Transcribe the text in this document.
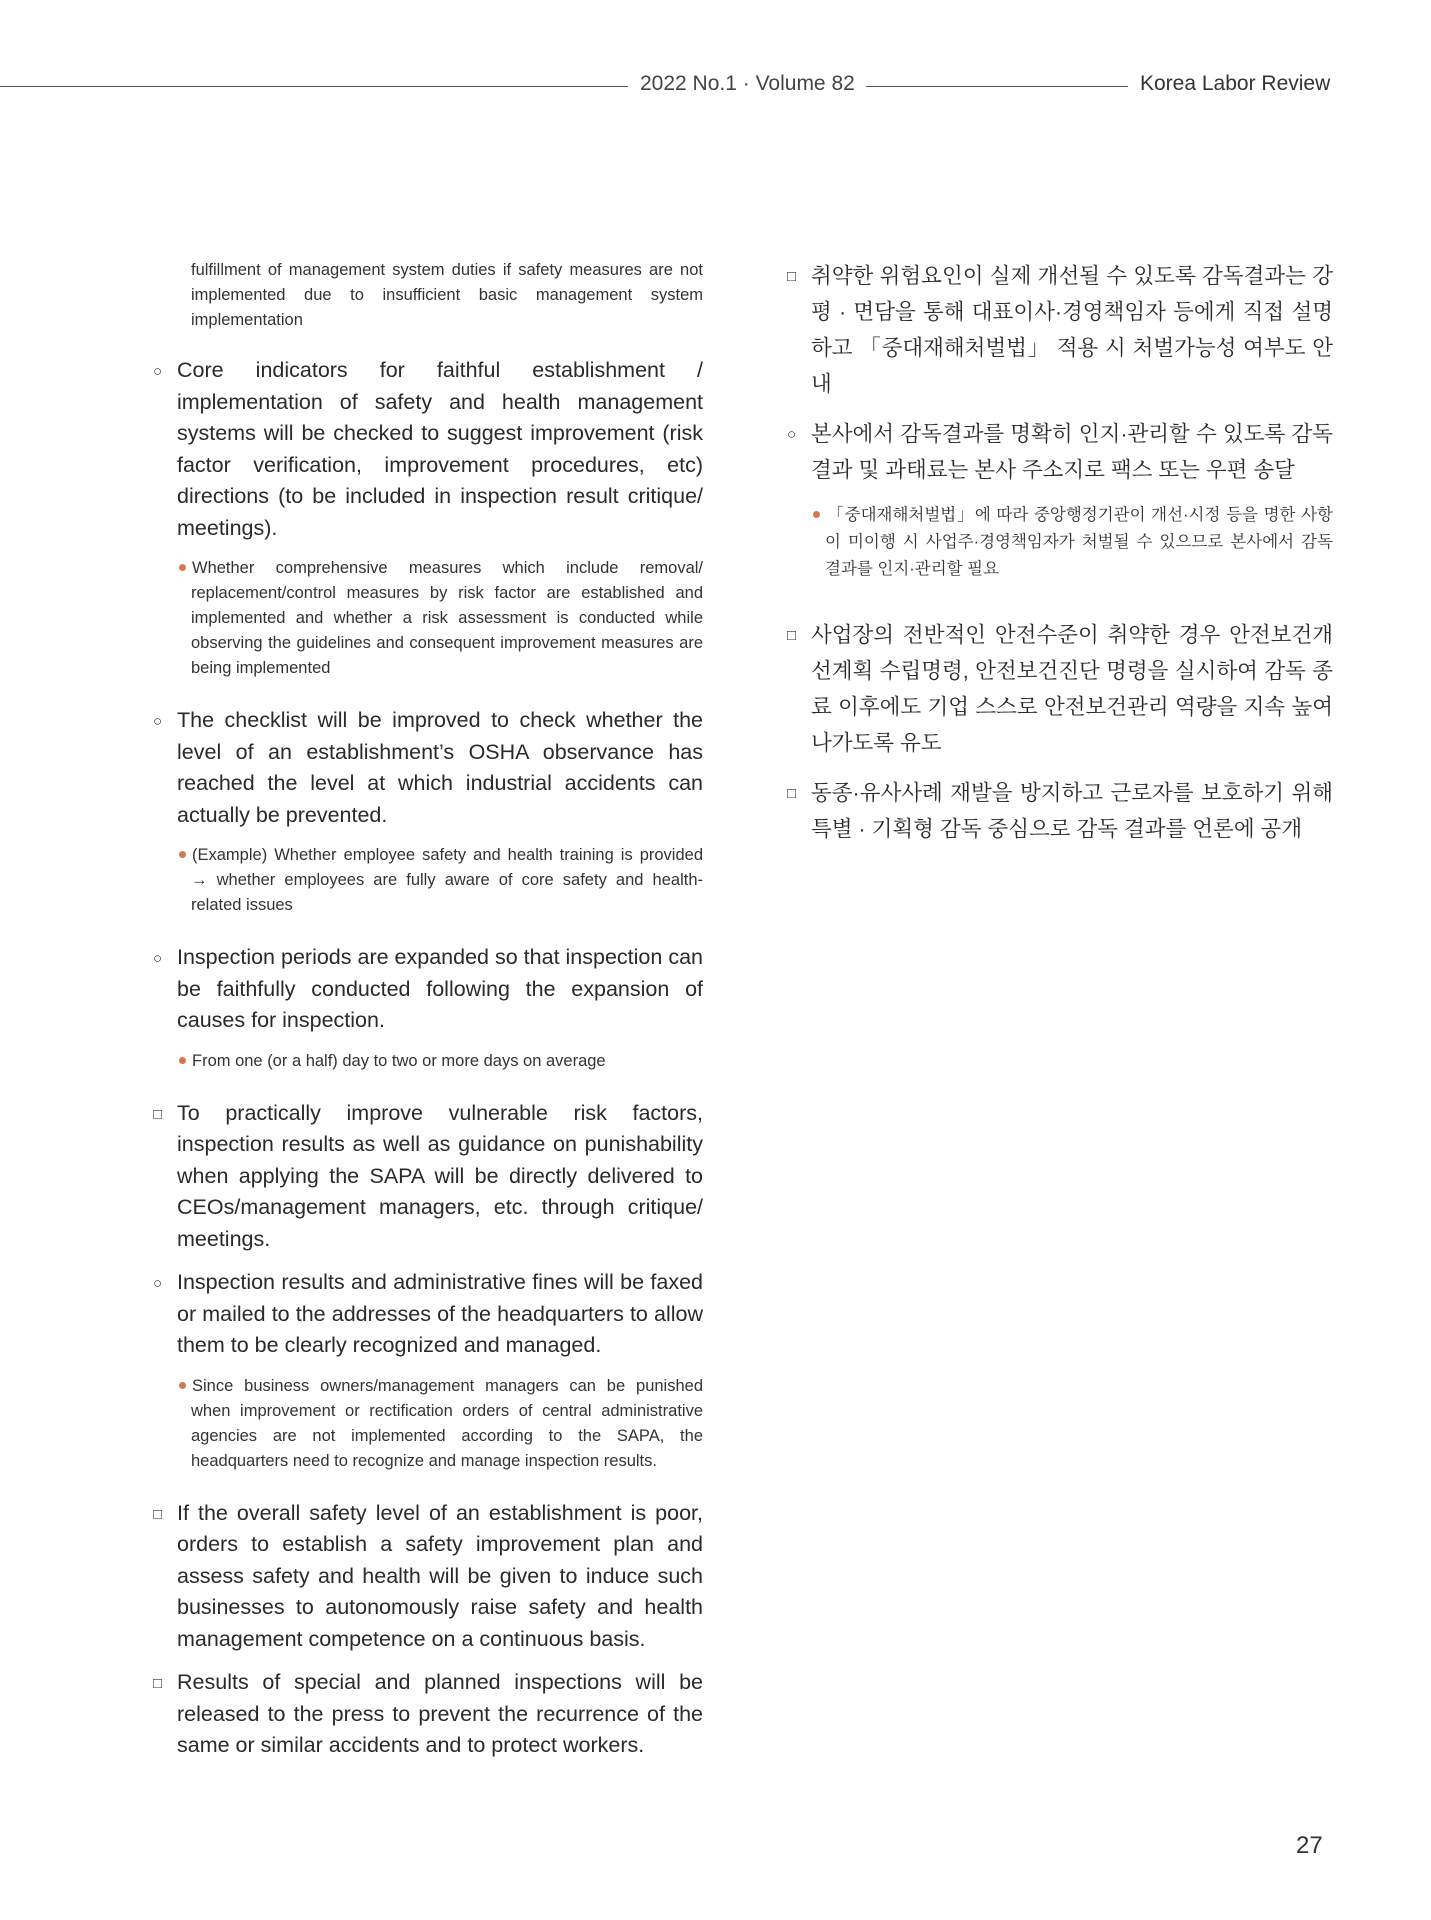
2022 No.1 · Volume 82	Korea Labor Review

fulfillment of management system duties if safety measures are not implemented due to insufficient basic management system implementation

○ Core indicators for faithful establishment / implementation of safety and health management systems will be checked to suggest improvement (risk factor verification, improvement procedures, etc) directions (to be included in inspection result critique/ meetings).
Whether comprehensive measures which include removal/ replacement/control measures by risk factor are established and implemented and whether a risk assessment is conducted while observing the guidelines and consequent improvement measures are being implemented
○ The checklist will be improved to check whether the level of an establishment’s OSHA observance has reached the level at which industrial accidents can actually be prevented.
(Example) Whether employee safety and health training is provided → whether employees are fully aware of core safety and health-related issues
○ Inspection periods are expanded so that inspection can be faithfully conducted following the expansion of causes for inspection.
From one (or a half) day to two or more days on average
□ To practically improve vulnerable risk factors, inspection results as well as guidance on punishability when applying the SAPA will be directly delivered to CEOs/management managers, etc. through critique/ meetings.
○ Inspection results and administrative fines will be faxed or mailed to the addresses of the headquarters to allow them to be clearly recognized and managed.
Since business owners/management managers can be punished when improvement or rectification orders of central administrative agencies are not implemented according to the SAPA, the headquarters need to recognize and manage inspection results.
□ If the overall safety level of an establishment is poor, orders to establish a safety improvement plan and assess safety and health will be given to induce such businesses to autonomously raise safety and health management competence on a continuous basis.
□ Results of special and planned inspections will be released to the press to prevent the recurrence of the same or similar accidents and to protect workers.
□ 취약한 위험요인이 실제 개선될 수 있도록 감독결과는 강평 · 면담을 통해 대표이사·경영책임자 등에게 직접 설명하고 「중대재해처벌법」 적용 시 처벌가능성 여부도 안내
○ 본사에서 감독결과를 명확히 인지·관리할 수 있도록 감독결과 및 과태료는 본사 주소지로 팩스 또는 우편 송달
「중대재해처벌법」에 따라 중앙행정기관이 개선·시정 등을 명한 사항이 미이행 시 사업주·경영책임자가 처벌될 수 있으므로 본사에서 감독 결과를 인지·관리할 필요
□ 사업장의 전반적인 안전수준이 취약한 경우 안전보건개선계획 수립명령, 안전보건진단 명령을 실시하여 감독 종료 이후에도 기업 스스로 안전보건관리 역량을 지속 높여나가도록 유도
□ 동종·유사사례 재발을 방지하고 근로자를 보호하기 위해 특별 · 기획형 감독 중심으로 감독 결과를 언론에 공개
27
